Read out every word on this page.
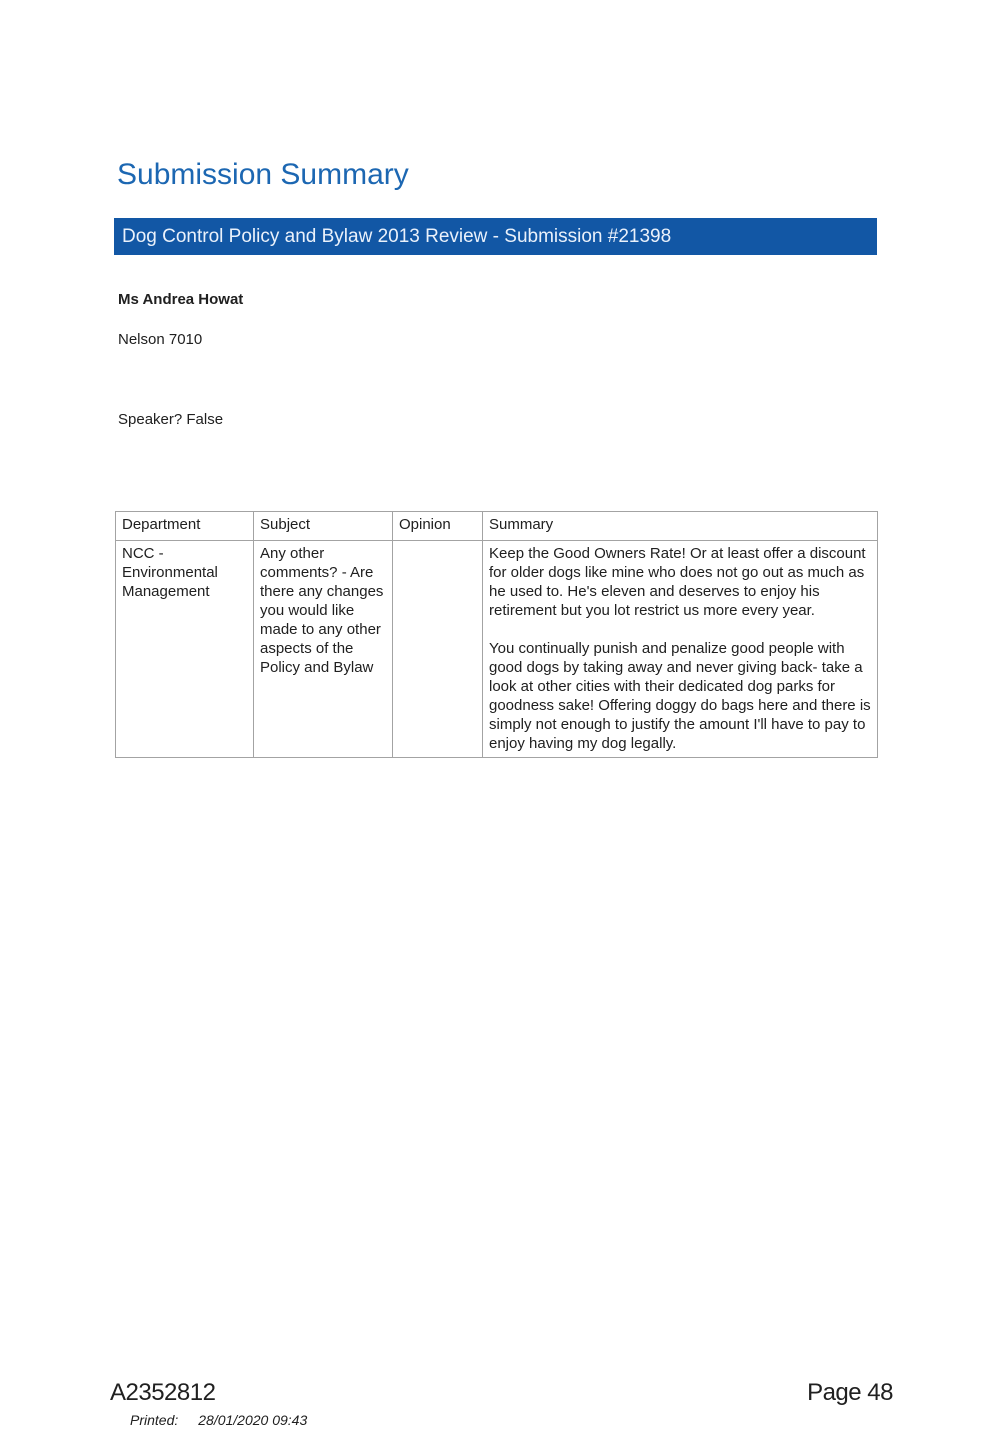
Submission Summary
Dog Control Policy and Bylaw 2013 Review - Submission #21398
Ms Andrea Howat
Nelson 7010
Speaker? False
Department	Subject	Opinion	Summary
NCC - Environmental Management	Any other comments? - Are there any changes you would like made to any other aspects of the Policy and Bylaw		Keep the Good Owners Rate! Or at least offer a discount for older dogs like mine who does not go out as much as he used to. He's eleven and deserves to enjoy his retirement but you lot restrict us more every year.
You continually punish and penalize good people with good dogs by taking away and never giving back- take a look at other cities with their dedicated dog parks for goodness sake! Offering doggy do bags here and there is simply not enough to justify the amount I'll have to pay to enjoy having my dog legally.
A2352812	Page 48
Printed: 28/01/2020 09:43
